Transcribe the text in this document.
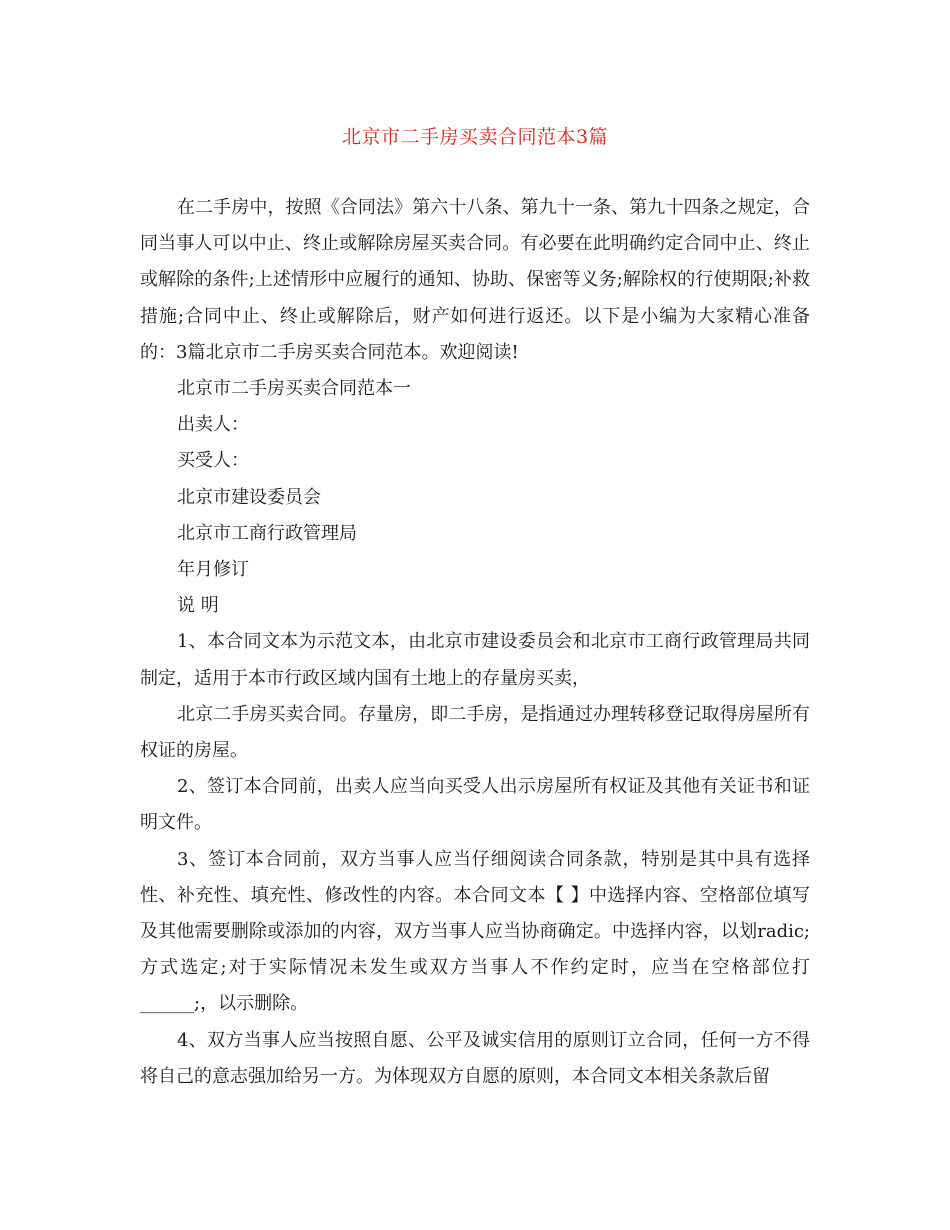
北京市二手房买卖合同范本3篇

在二手房中，按照《合同法》第六十八条、第九十一条、第九十四条之规定，合同当事人可以中止、终止或解除房屋买卖合同。有必要在此明确约定合同中止、终止或解除的条件;上述情形中应履行的通知、协助、保密等义务;解除权的行使期限;补救措施;合同中止、终止或解除后，财产如何进行返还。以下是小编为大家精心准备的：3篇北京市二手房买卖合同范本。欢迎阅读!

北京市二手房买卖合同范本一

出卖人：

买受人：

北京市建设委员会

北京市工商行政管理局

年月修订

说 明

1、本合同文本为示范文本，由北京市建设委员会和北京市工商行政管理局共同制定，适用于本市行政区域内国有土地上的存量房买卖，

北京二手房买卖合同。存量房，即二手房，是指通过办理转移登记取得房屋所有权证的房屋。

2、签订本合同前，出卖人应当向买受人出示房屋所有权证及其他有关证书和证明文件。

3、签订本合同前，双方当事人应当仔细阅读合同条款，特别是其中具有选择性、补充性、填充性、修改性的内容。本合同文本【 】中选择内容、空格部位填写及其他需要删除或添加的内容，双方当事人应当协商确定。中选择内容，以划radic;方式选定;对于实际情况未发生或双方当事人不作约定时，应当在空格部位打______;，以示删除。

4、双方当事人应当按照自愿、公平及诚实信用的原则订立合同，任何一方不得将自己的意志强加给另一方。为体现双方自愿的原则，本合同文本相关条款后留
